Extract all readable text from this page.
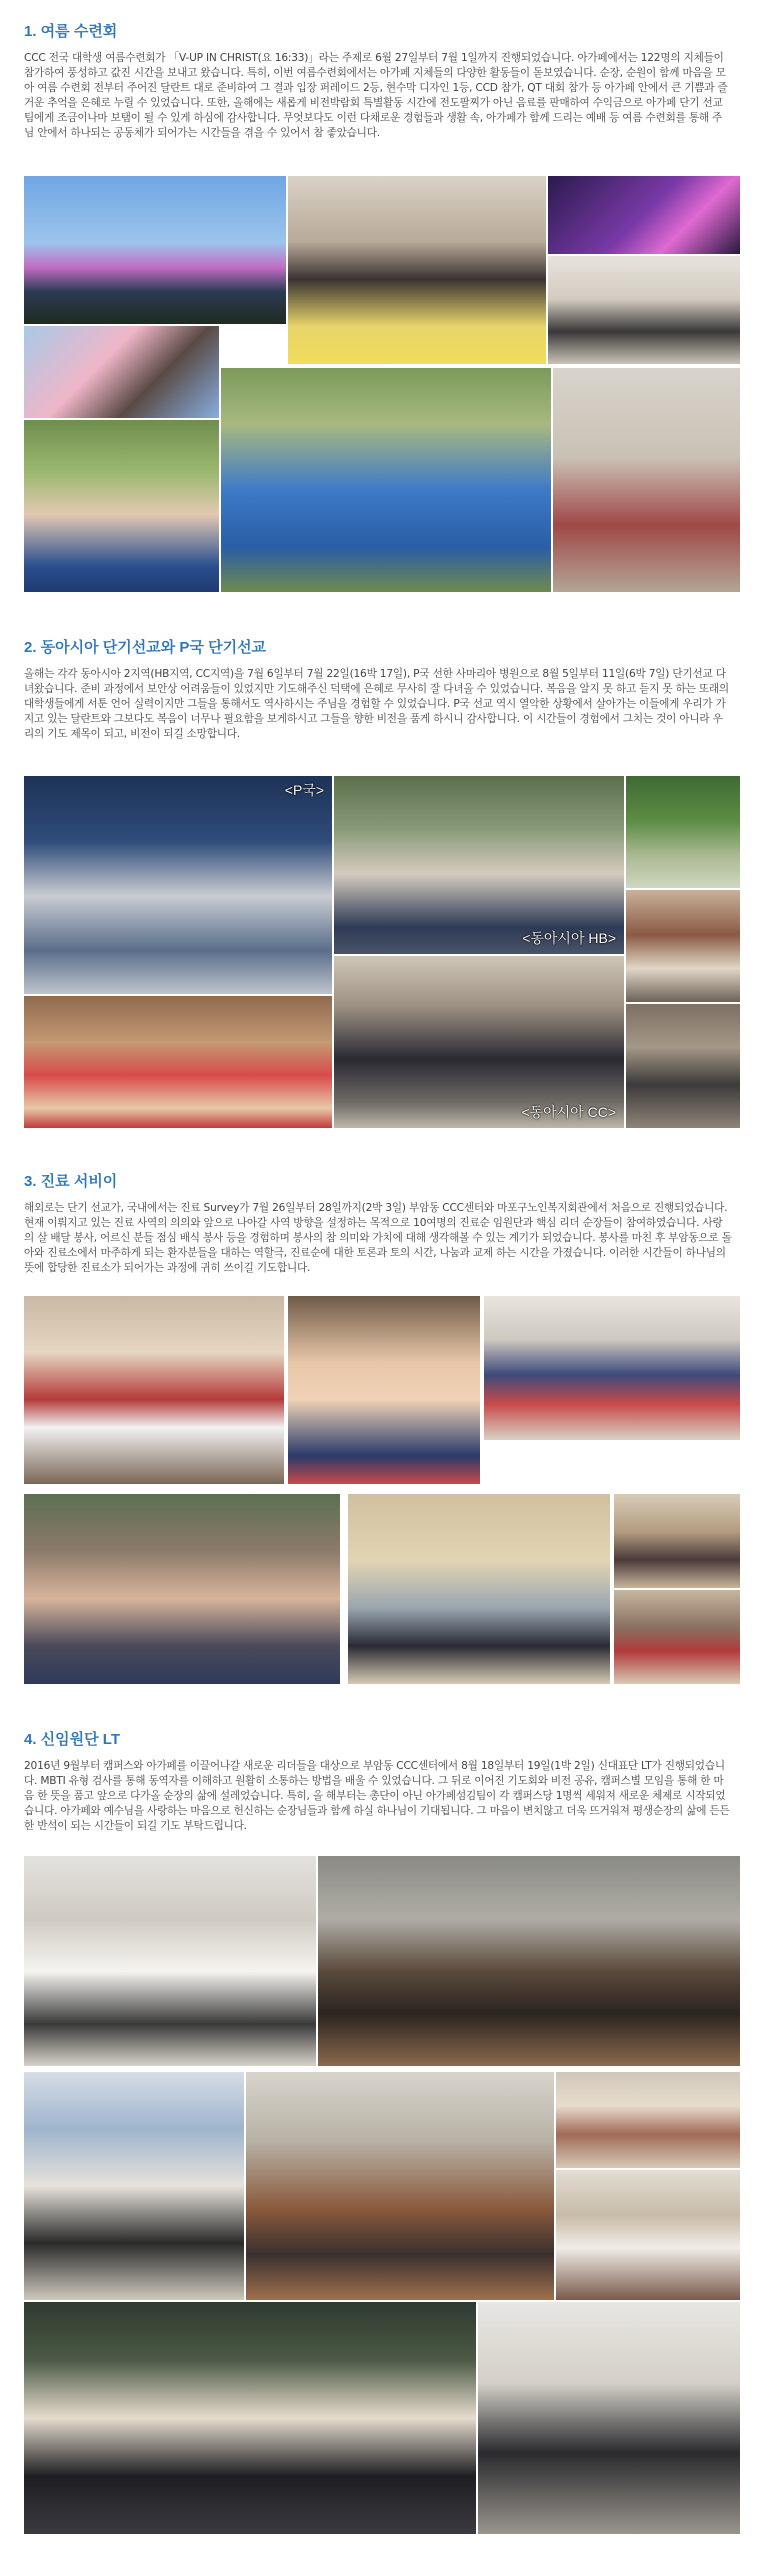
1. 여름 수련회

CCC 전국 대학생 여름수련회가 「V-UP IN CHRIST(요 16:33)」라는 주제로 6월 27일부터 7월 1일까지 진행되었습니다. 아가페에서는 122명의 지체들이 참가하여 풍성하고 값진 시간을 보내고 왔습니다. 특히, 이번 여름수련회에서는 아가페 지체들의 다양한 활동들이 돋보였습니다. 순장, 순원이 함께 마음을 모아 여름 수련회 전부터 주어진 달란트 대로 준비하여 그 결과 입장 퍼레이드 2등, 현수막 디자인 1등, CCD 참가, QT 대회 참가 등 아가페 안에서 큰 기쁨과 즐거운 추억을 은혜로 누릴 수 있었습니다. 또한, 올해에는 새롭게 비전박람회 특별활동 시간에 전도팔찌가 아닌 음료를 판매하여 수익금으로 아가페 단기 선교 팀에게 조금이나마 보탬이 될 수 있게 하심에 감사합니다. 무엇보다도 이런 다채로운 경험들과 생활 속, 아가페가 함께 드리는 예배 등 여름 수련회를 통해 주님 안에서 하나되는 공동체가 되어가는 시간들을 겪을 수 있어서 참 좋았습니다.

2. 동아시아 단기선교와 P국 단기선교

올해는 각각 동아시아 2지역(HB지역, CC지역)을 7월 6일부터 7월 22일(16박 17일), P국 선한 사마리아 병원으로 8월 5일부터 11일(6박 7일) 단기선교 다녀왔습니다. 준비 과정에서 보안상 어려움들이 있었지만 기도해주신 덕택에 은혜로 무사히 잘 다녀올 수 있었습니다. 복음을 알지 못 하고 듣지 못 하는 또래의 대학생들에게 서툰 언어 실력이지만 그들을 통해서도 역사하시는 주님을 경험할 수 있었습니다. P국 선교 역시 열악한 상황에서 살아가는 이들에게 우리가 가지고 있는 달란트와 그보다도 복음이 너무나 필요함을 보게하시고 그들을 향한 비전을 품게 하시니 감사합니다. 이 시간들이 경험에서 그치는 것이 아니라 우리의 기도 제목이 되고, 비전이 되길 소망합니다.

<P국>
<동아시아 HB>
<동아시아 CC>
3. 진료 서비이

해외로는 단기 선교가, 국내에서는 진료 Survey가 7월 26일부터 28일까지(2박 3일) 부암동 CCC센터와 마포구노인복지회관에서 처음으로 진행되었습니다. 현재 이뤄지고 있는 진료 사역의 의의와 앞으로 나아갈 사역 방향을 설정하는 목적으로 10여명의 진료순 임원단과 핵심 리더 순장들이 참여하였습니다. 사랑의 살 배달 봉사, 어르신 분들 점심 배식 봉사 등을 경험하며 봉사의 참 의미와 가치에 대해 생각해볼 수 있는 계기가 되었습니다. 봉사를 마친 후 부암동으로 돌아와 진료소에서 마주하게 되는 환자분들을 대하는 역할극, 진료순에 대한 토론과 토의 시간, 나눔과 교제 하는 시간을 가졌습니다. 이러한 시간들이 하나님의 뜻에 합당한 진료소가 되어가는 과정에 귀히 쓰이길 기도합니다.

4. 신임원단 LT

2016년 9월부터 캠퍼스와 아가페를 이끌어나갈 새로운 리더들을 대상으로 부암동 CCC센터에서 8월 18일부터 19일(1박 2일) 신대표단 LT가 진행되었습니다. MBTI 유형 검사를 통해 동역자를 이해하고 원활히 소통하는 방법을 배울 수 있었습니다. 그 뒤로 이어진 기도회와 비전 공유, 캠퍼스별 모임을 통해 한 마음 한 뜻을 품고 앞으로 다가올 순장의 삶에 설레었습니다. 특히, 올 해부터는 총단이 아닌 아가페섬김팀이 각 캠퍼스당 1명씩 세워져 새로운 체제로 시작되었습니다. 아가페와 예수님을 사랑하는 마음으로 헌신하는 순장님들과 함께 하실 하나님이 기대됩니다. 그 마음이 변치않고 더욱 뜨거워져 평생순장의 삶에 든든한 반석이 되는 시간들이 되길 기도 부탁드립니다.
